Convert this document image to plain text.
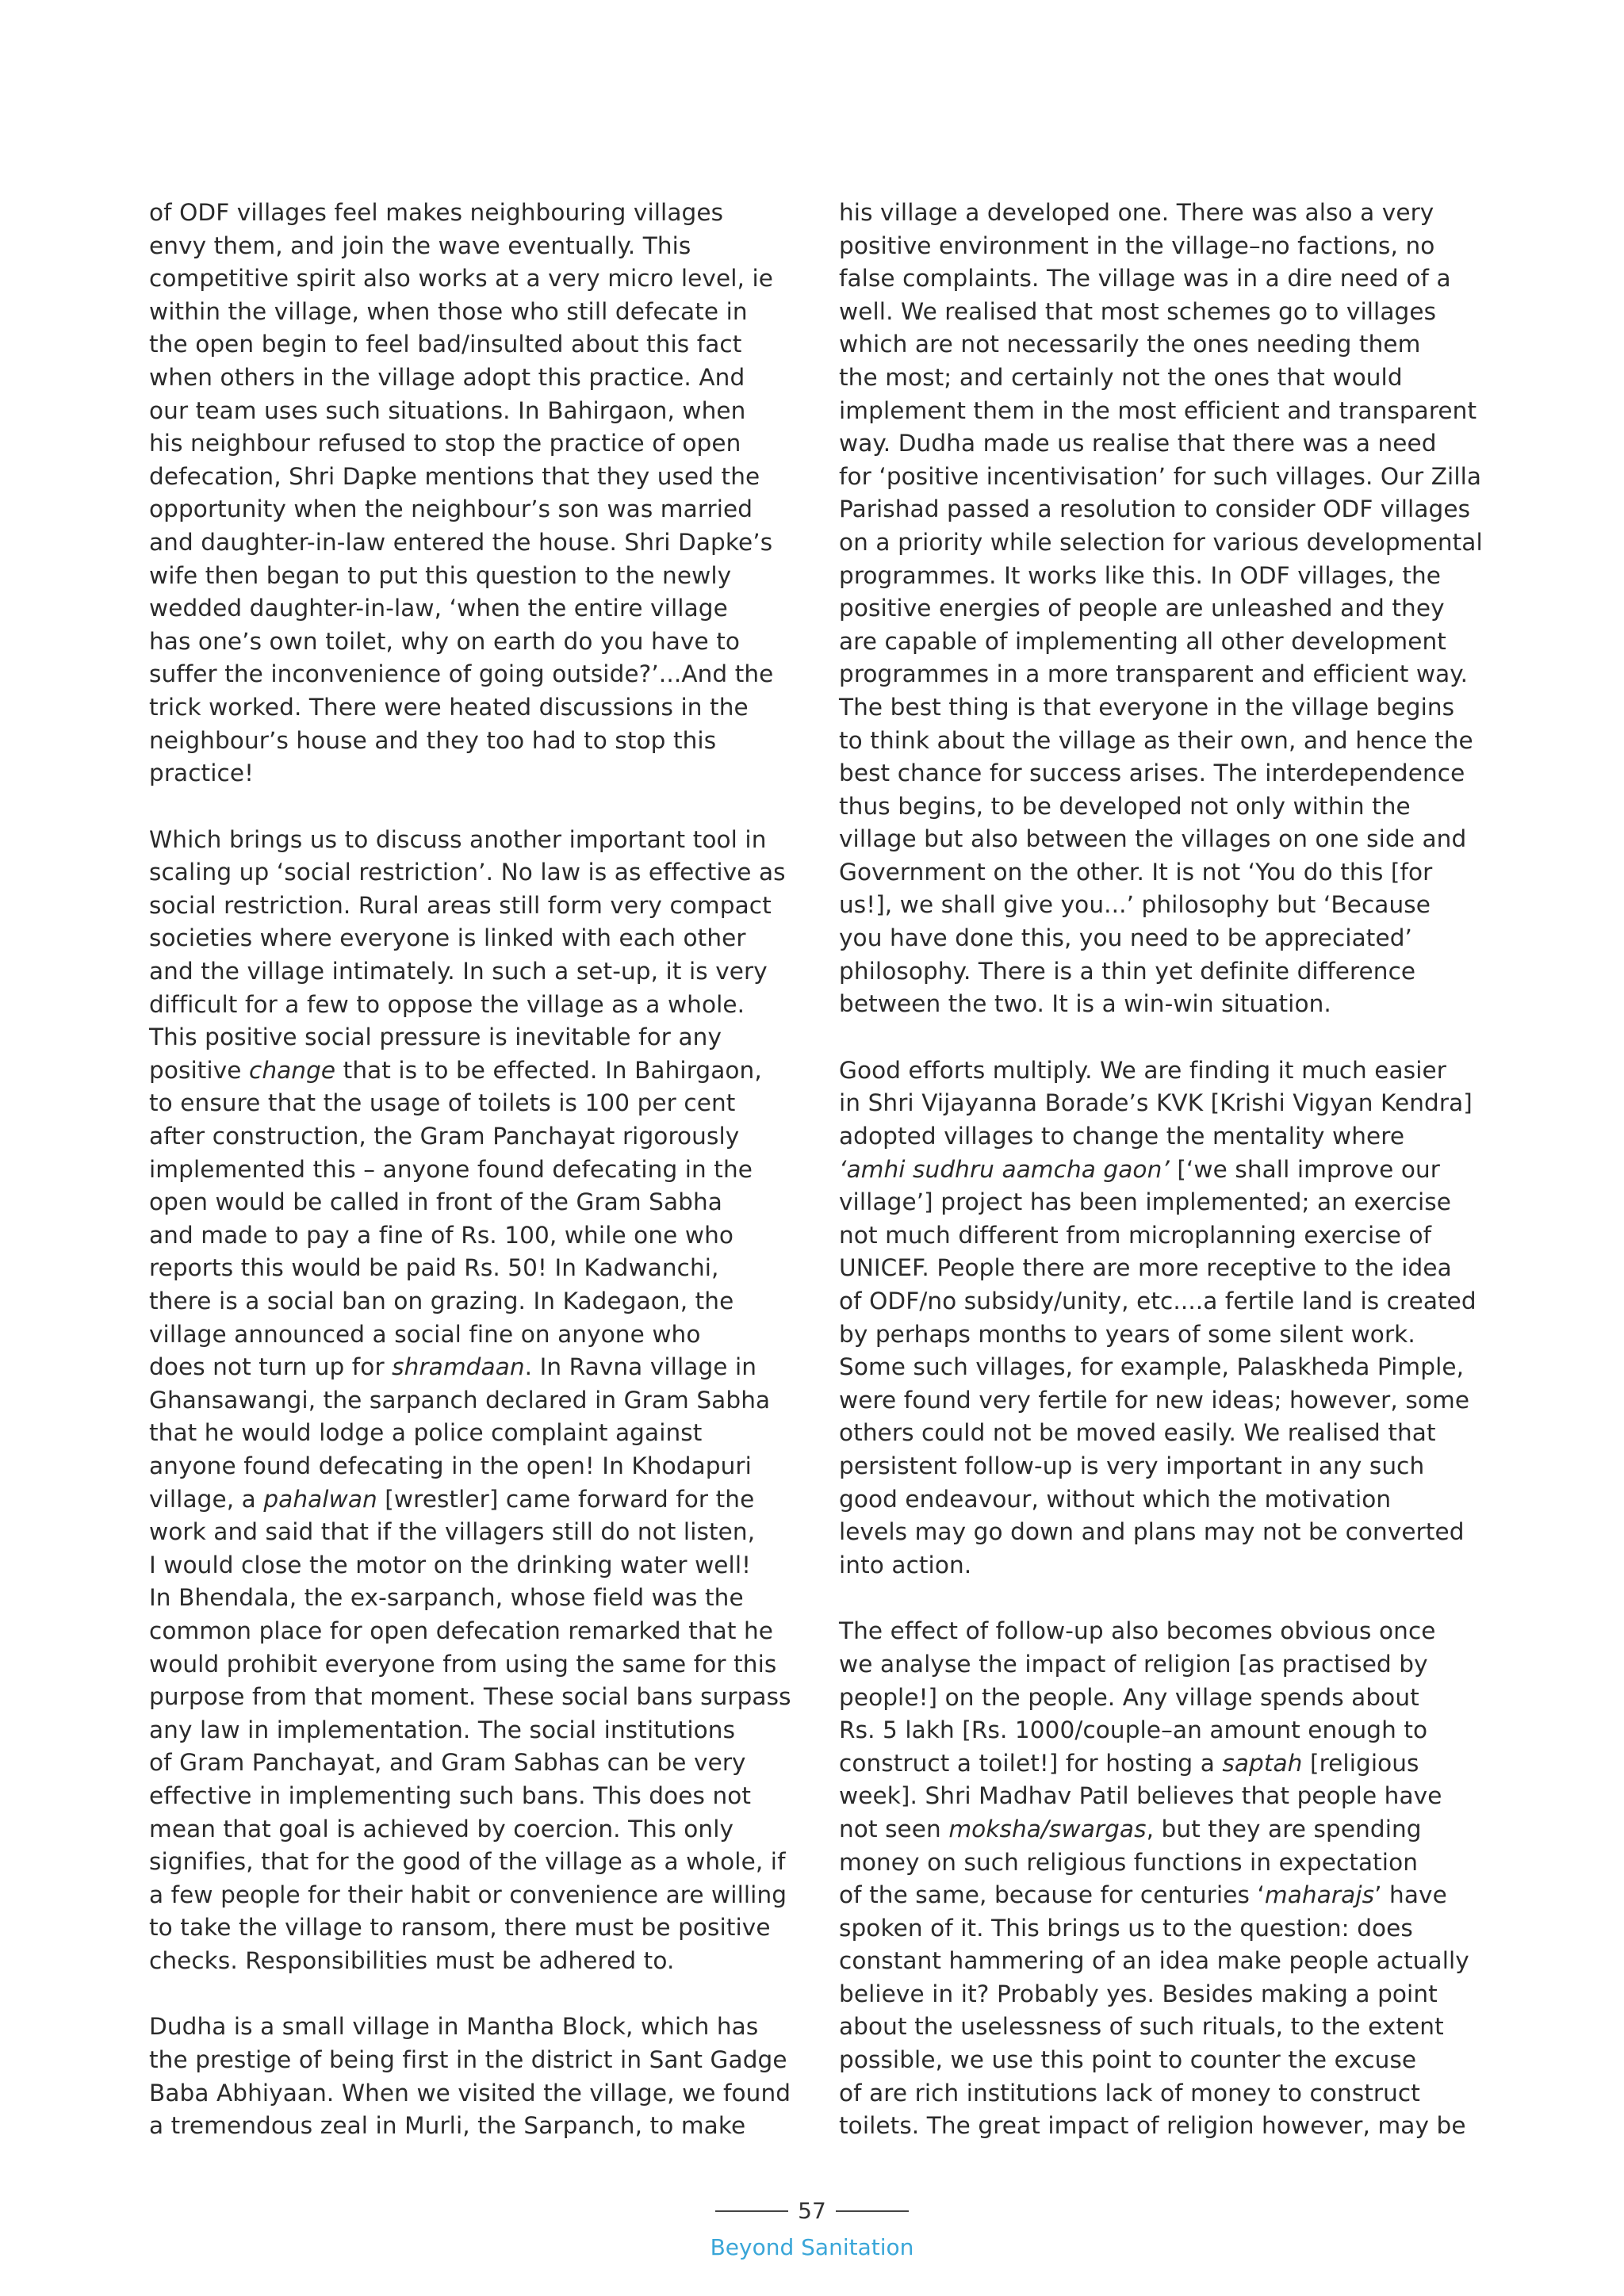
of ODF villages feel makes neighbouring villages
envy them, and join the wave eventually. This
competitive spirit also works at a very micro level, ie
within the village, when those who still defecate in
the open begin to feel bad/insulted about this fact
when others in the village adopt this practice. And
our team uses such situations. In Bahirgaon, when
his neighbour refused to stop the practice of open
defecation, Shri Dapke mentions that they used the
opportunity when the neighbour’s son was married
and daughter-in-law entered the house. Shri Dapke’s
wife then began to put this question to the newly
wedded daughter-in-law, ‘when the entire village
has one’s own toilet, why on earth do you have to
suffer the inconvenience of going outside?’...And the
trick worked. There were heated discussions in the
neighbour’s house and they too had to stop this
practice!

Which brings us to discuss another important tool in
scaling up ‘social restriction’. No law is as effective as
social restriction. Rural areas still form very compact
societies where everyone is linked with each other
and the village intimately. In such a set-up, it is very
difficult for a few to oppose the village as a whole.
This positive social pressure is inevitable for any
positive change that is to be effected. In Bahirgaon,
to ensure that the usage of toilets is 100 per cent
after construction, the Gram Panchayat rigorously
implemented this – anyone found defecating in the
open would be called in front of the Gram Sabha
and made to pay a fine of Rs. 100, while one who
reports this would be paid Rs. 50! In Kadwanchi,
there is a social ban on grazing. In Kadegaon, the
village announced a social fine on anyone who
does not turn up for shramdaan. In Ravna village in
Ghansawangi, the sarpanch declared in Gram Sabha
that he would lodge a police complaint against
anyone found defecating in the open! In Khodapuri
village, a pahalwan [wrestler] came forward for the
work and said that if the villagers still do not listen,
I would close the motor on the drinking water well!
In Bhendala, the ex-sarpanch, whose field was the
common place for open defecation remarked that he
would prohibit everyone from using the same for this
purpose from that moment. These social bans surpass
any law in implementation. The social institutions
of Gram Panchayat, and Gram Sabhas can be very
effective in implementing such bans. This does not
mean that goal is achieved by coercion. This only
signifies, that for the good of the village as a whole, if
a few people for their habit or convenience are willing
to take the village to ransom, there must be positive
checks. Responsibilities must be adhered to.

Dudha is a small village in Mantha Block, which has
the prestige of being first in the district in Sant Gadge
Baba Abhiyaan. When we visited the village, we found
a tremendous zeal in Murli, the Sarpanch, to make

his village a developed one. There was also a very
positive environment in the village–no factions, no
false complaints. The village was in a dire need of a
well. We realised that most schemes go to villages
which are not necessarily the ones needing them
the most; and certainly not the ones that would
implement them in the most efficient and transparent
way. Dudha made us realise that there was a need
for ‘positive incentivisation’ for such villages. Our Zilla
Parishad passed a resolution to consider ODF villages
on a priority while selection for various developmental
programmes. It works like this. In ODF villages, the
positive energies of people are unleashed and they
are capable of implementing all other development
programmes in a more transparent and efficient way.
The best thing is that everyone in the village begins
to think about the village as their own, and hence the
best chance for success arises. The interdependence
thus begins, to be developed not only within the
village but also between the villages on one side and
Government on the other. It is not ‘You do this [for
us!], we shall give you...’ philosophy but ‘Because
you have done this, you need to be appreciated’
philosophy. There is a thin yet definite difference
between the two. It is a win-win situation.

Good efforts multiply. We are finding it much easier
in Shri Vijayanna Borade’s KVK [Krishi Vigyan Kendra]
adopted villages to change the mentality where
‘amhi sudhru aamcha gaon’ [‘we shall improve our
village’] project has been implemented; an exercise
not much different from microplanning exercise of
UNICEF. People there are more receptive to the idea
of ODF/no subsidy/unity, etc....a fertile land is created
by perhaps months to years of some silent work.
Some such villages, for example, Palaskheda Pimple,
were found very fertile for new ideas; however, some
others could not be moved easily. We realised that
persistent follow-up is very important in any such
good endeavour, without which the motivation
levels may go down and plans may not be converted
into action.

The effect of follow-up also becomes obvious once
we analyse the impact of religion [as practised by
people!] on the people. Any village spends about
Rs. 5 lakh [Rs. 1000/couple–an amount enough to
construct a toilet!] for hosting a saptah [religious
week]. Shri Madhav Patil believes that people have
not seen moksha/swargas, but they are spending
money on such religious functions in expectation
of the same, because for centuries ‘maharajs’ have
spoken of it. This brings us to the question: does
constant hammering of an idea make people actually
believe in it? Probably yes. Besides making a point
about the uselessness of such rituals, to the extent
possible, we use this point to counter the excuse
of are rich institutions lack of money to construct
toilets. The great impact of religion however, may be

57
Beyond Sanitation
